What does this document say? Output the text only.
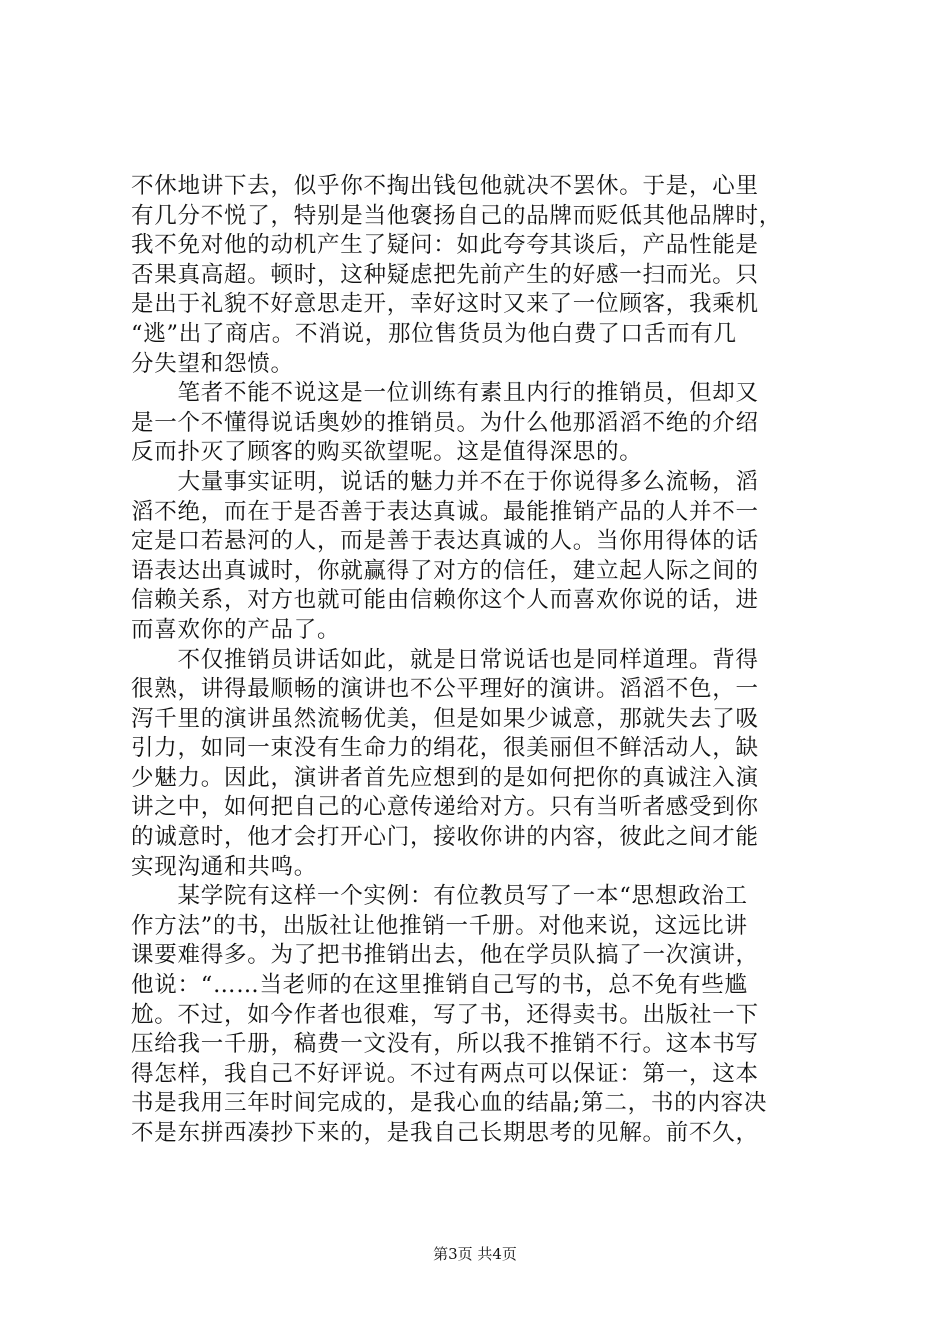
不休地讲下去，似乎你不掏出钱包他就决不罢休。于是，心里
有几分不悦了，特别是当他褒扬自己的品牌而贬低其他品牌时，
我不免对他的动机产生了疑问：如此夸夸其谈后，产品性能是
否果真高超。顿时，这种疑虑把先前产生的好感一扫而光。只
是出于礼貌不好意思走开，幸好这时又来了一位顾客，我乘机
“逃”出了商店。不消说，那位售货员为他白费了口舌而有几
分失望和怨愤。
　　笔者不能不说这是一位训练有素且内行的推销员，但却又
是一个不懂得说话奥妙的推销员。为什么他那滔滔不绝的介绍
反而扑灭了顾客的购买欲望呢。这是值得深思的。
　　大量事实证明，说话的魅力并不在于你说得多么流畅，滔
滔不绝，而在于是否善于表达真诚。最能推销产品的人并不一
定是口若悬河的人，而是善于表达真诚的人。当你用得体的话
语表达出真诚时，你就赢得了对方的信任，建立起人际之间的
信赖关系，对方也就可能由信赖你这个人而喜欢你说的话，进
而喜欢你的产品了。
　　不仅推销员讲话如此，就是日常说话也是同样道理。背得
很熟，讲得最顺畅的演讲也不公平理好的演讲。滔滔不色，一
泻千里的演讲虽然流畅优美，但是如果少诚意，那就失去了吸
引力，如同一束没有生命力的绢花，很美丽但不鲜活动人，缺
少魅力。因此，演讲者首先应想到的是如何把你的真诚注入演
讲之中，如何把自己的心意传递给对方。只有当听者感受到你
的诚意时，他才会打开心门，接收你讲的内容，彼此之间才能
实现沟通和共鸣。
　　某学院有这样一个实例：有位教员写了一本“思想政治工
作方法”的书，出版社让他推销一千册。对他来说，这远比讲
课要难得多。为了把书推销出去，他在学员队搞了一次演讲，
他说：“……当老师的在这里推销自己写的书，总不免有些尴
尬。不过，如今作者也很难，写了书，还得卖书。出版社一下
压给我一千册，稿费一文没有，所以我不推销不行。这本书写
得怎样，我自己不好评说。不过有两点可以保证：第一，这本
书是我用三年时间完成的，是我心血的结晶;第二，书的内容决
不是东拼西凑抄下来的，是我自己长期思考的见解。前不久，
第3页 共4页
